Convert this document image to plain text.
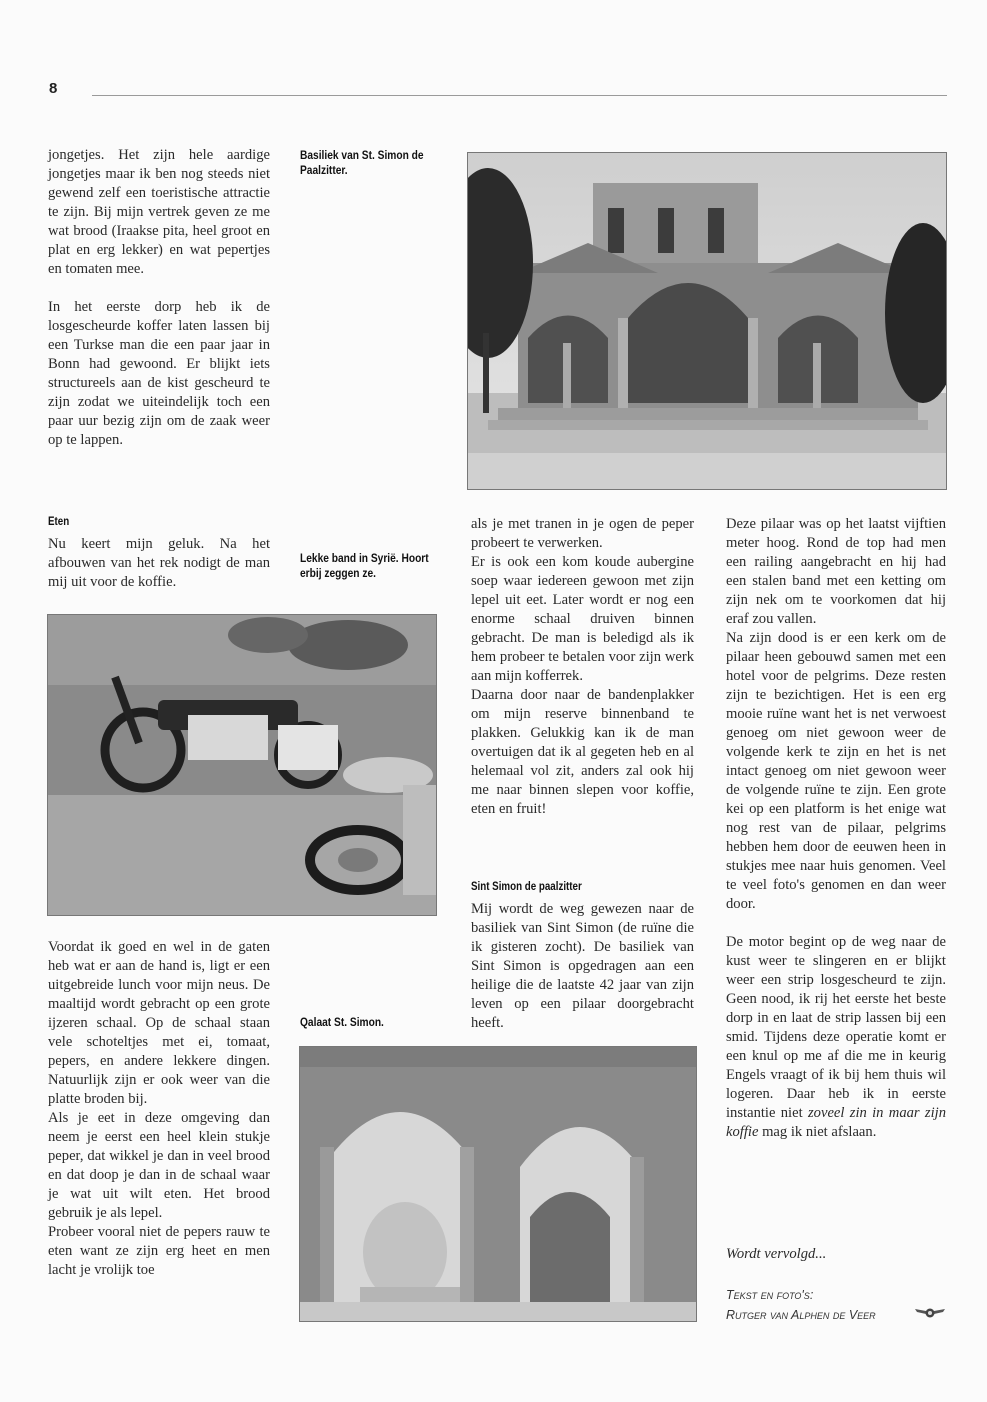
8

jongetjes. Het zijn hele aardige jongetjes maar ik ben nog steeds niet gewend zelf een toeristische attractie te zijn. Bij mijn vertrek geven ze me wat brood (Iraakse pita, heel groot en plat en erg lekker) en wat pepertjes en tomaten mee.

In het eerste dorp heb ik de losgescheurde koffer laten lassen bij een Turkse man die een paar jaar in Bonn had gewoond. Er blijkt iets structureels aan de kist gescheurd te zijn zodat we uiteindelijk toch een paar uur bezig zijn om de zaak weer op te lappen.

Eten

Nu keert mijn geluk. Na het afbouwen van het rek nodigt de man mij uit voor de koffie.

Basiliek van St. Simon de Paalzitter.
Lekke band in Syrië. Hoort erbij zeggen ze.
Qalaat St. Simon.

Voordat ik goed en wel in de gaten heb wat er aan de hand is, ligt er een uitgebreide lunch voor mijn neus. De maaltijd wordt gebracht op een grote ijzeren schaal. Op de schaal staan vele schoteltjes met ei, tomaat, pepers, en andere lekkere dingen. Natuurlijk zijn er ook weer van die platte broden bij.

Als je eet in deze omgeving dan neem je eerst een heel klein stukje peper, dat wikkel je dan in veel brood en dat doop je dan in de schaal waar je wat uit wilt eten. Het brood gebruik je als lepel.

Probeer vooral niet de pepers rauw te eten want ze zijn erg heet en men lacht je vrolijk toe

als je met tranen in je ogen de peper probeert te verwerken.

Er is ook een kom koude aubergine soep waar iedereen gewoon met zijn lepel uit eet. Later wordt er nog een enorme schaal druiven binnen gebracht. De man is beledigd als ik hem probeer te betalen voor zijn werk aan mijn kofferrek.

Daarna door naar de bandenplakker om mijn reserve binnenband te plakken. Gelukkig kan ik de man overtuigen dat ik al gegeten heb en al helemaal vol zit, anders zal ook hij me naar binnen slepen voor koffie, eten en fruit!

Sint Simon de paalzitter

Mij wordt de weg gewezen naar de basiliek van Sint Simon (de ruïne die ik gisteren zocht). De basiliek van Sint Simon is opgedragen aan een heilige die de laatste 42 jaar van zijn leven op een pilaar doorgebracht heeft.

Deze pilaar was op het laatst vijftien meter hoog. Rond de top had men een railing aangebracht en hij had een stalen band met een ketting om zijn nek om te voorkomen dat hij eraf zou vallen.

Na zijn dood is er een kerk om de pilaar heen gebouwd samen met een hotel voor de pelgrims. Deze resten zijn te bezichtigen. Het is een erg mooie ruïne want het is net verwoest genoeg om niet gewoon weer de volgende kerk te zijn en het is net intact genoeg om niet gewoon weer de volgende ruïne te zijn. Een grote kei op een platform is het enige wat nog rest van de pilaar, pelgrims hebben hem door de eeuwen heen in stukjes mee naar huis genomen. Veel te veel foto's genomen en dan weer door.

De motor begint op de weg naar de kust weer te slingeren en er blijkt weer een strip losgescheurd te zijn. Geen nood, ik rij het eerste het beste dorp in en laat de strip lassen bij een smid. Tijdens deze operatie komt er een knul op me af die me in keurig Engels vraagt of ik bij hem thuis wil logeren. Daar heb ik in eerste instantie niet zoveel zin in maar zijn koffie mag ik niet afslaan.

Wordt vervolgd...
Tekst en foto's:
Rutger van Alphen de Veer
